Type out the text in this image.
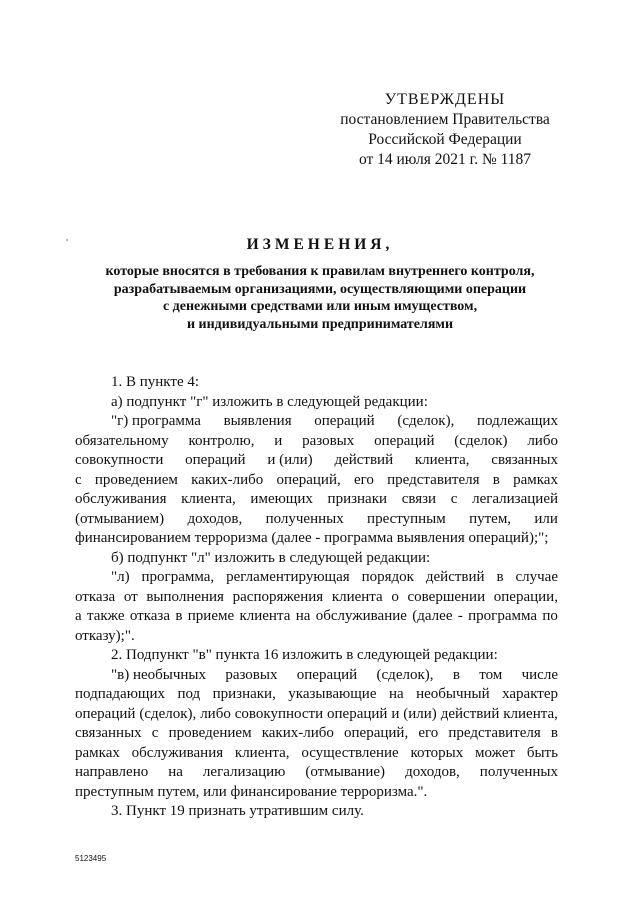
УТВЕРЖДЕНЫ
постановлением Правительства
Российской Федерации
от 14 июля 2021 г. № 1187
ИЗМЕНЕНИЯ,
которые вносятся в требования к правилам внутреннего контроля,
разрабатываемым организациями, осуществляющими операции
с денежными средствами или иным имуществом,
и индивидуальными предпринимателями
1. В пункте 4:
а) подпункт "г" изложить в следующей редакции:
"г) программа выявления операций (сделок), подлежащих
обязательному контролю, и разовых операций (сделок) либо
совокупности операций и (или) действий клиента, связанных
с проведением каких-либо операций, его представителя в рамках
обслуживания клиента, имеющих признаки связи с легализацией
(отмыванием) доходов, полученных преступным путем, или
финансированием терроризма (далее - программа выявления операций);";
б) подпункт "л" изложить в следующей редакции:
"л) программа, регламентирующая порядок действий в случае
отказа от выполнения распоряжения клиента о совершении операции,
а также отказа в приеме клиента на обслуживание (далее - программа по
отказу);".
2. Подпункт "в" пункта 16 изложить в следующей редакции:
"в) необычных разовых операций (сделок), в том числе
подпадающих под признаки, указывающие на необычный характер
операций (сделок), либо совокупности операций и (или) действий клиента,
связанных с проведением каких-либо операций, его представителя в
рамках обслуживания клиента, осуществление которых может быть
направлено на легализацию (отмывание) доходов, полученных
преступным путем, или финансирование терроризма.".
3. Пункт 19 признать утратившим силу.
5123495
